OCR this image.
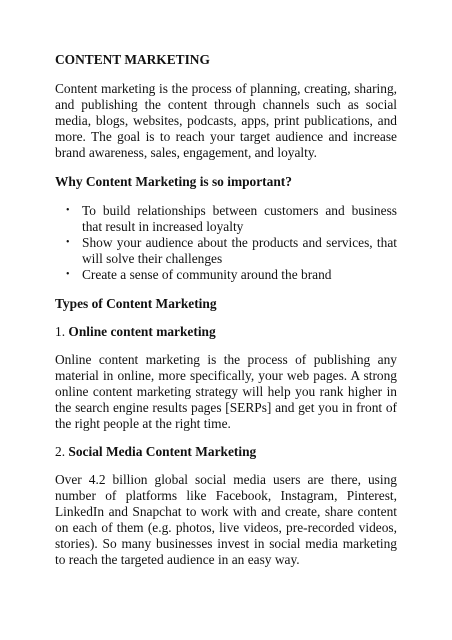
CONTENT MARKETING

Content marketing is the process of planning, creating, sharing, and publishing the content through channels such as social media, blogs, websites, podcasts, apps, print publications, and more. The goal is to reach your target audience and increase brand awareness, sales, engagement, and loyalty.

Why Content Marketing is so important?

• To build relationships between customers and business that result in increased loyalty
• Show your audience about the products and services, that will solve their challenges
• Create a sense of community around the brand

Types of Content Marketing

1. Online content marketing

Online content marketing is the process of publishing any material in online, more specifically, your web pages. A strong online content marketing strategy will help you rank higher in the search engine results pages [SERPs] and get you in front of the right people at the right time.

2. Social Media Content Marketing

Over 4.2 billion global social media users are there, using number of platforms like Facebook, Instagram, Pinterest, LinkedIn and Snapchat to work with and create, share content on each of them (e.g. photos, live videos, pre-recorded videos, stories). So many businesses invest in social media marketing to reach the targeted audience in an easy way.
